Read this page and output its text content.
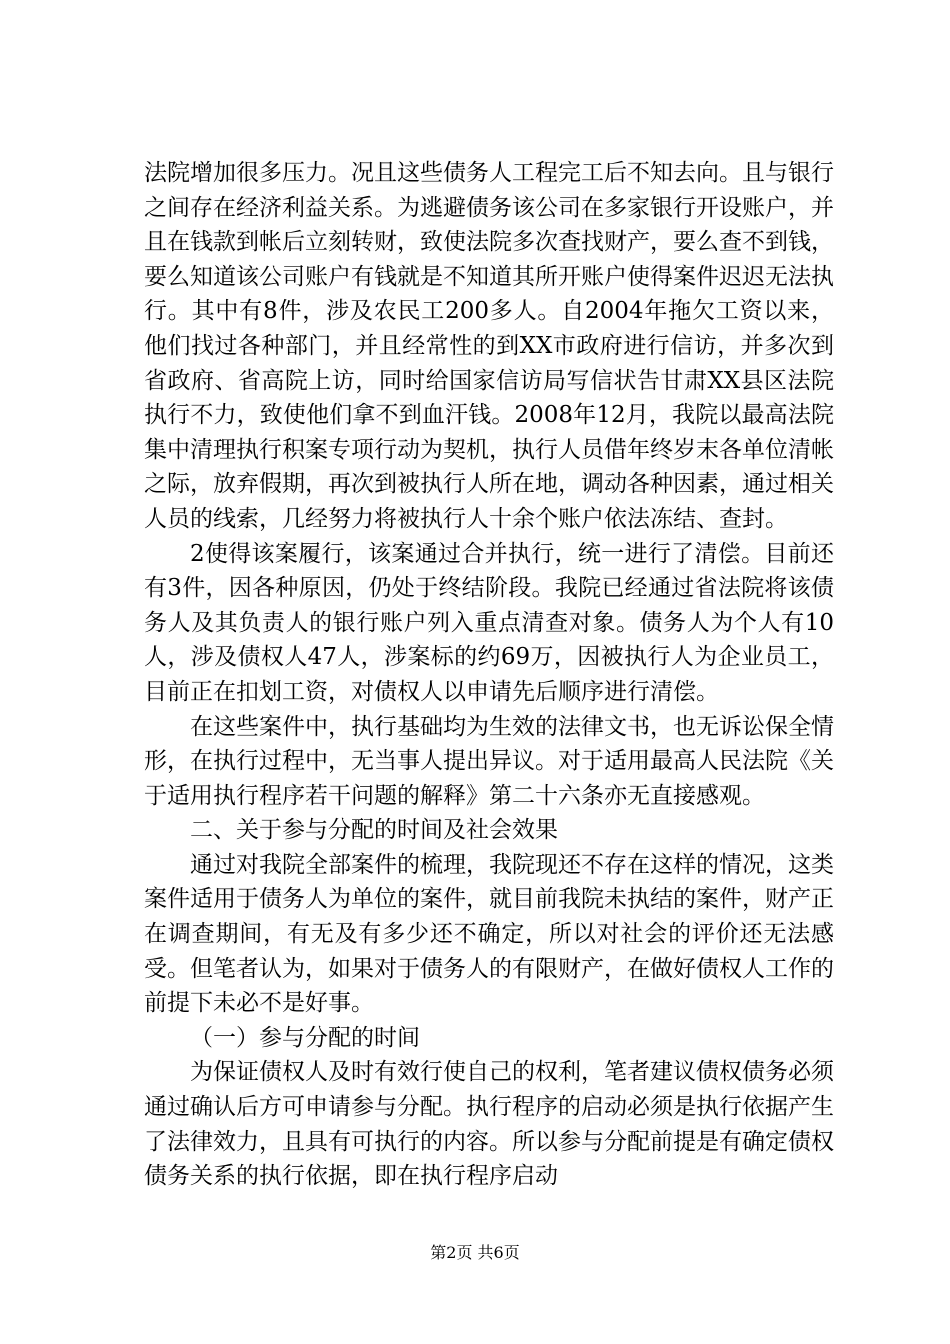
法院增加很多压力。况且这些债务人工程完工后不知去向。且与银行之间存在经济利益关系。为逃避债务该公司在多家银行开设账户，并且在钱款到帐后立刻转财，致使法院多次查找财产，要么查不到钱，要么知道该公司账户有钱就是不知道其所开账户使得案件迟迟无法执行。其中有8件，涉及农民工200多人。自2004年拖欠工资以来，他们找过各种部门，并且经常性的到XX市政府进行信访，并多次到省政府、省高院上访，同时给国家信访局写信状告甘肃XX县区法院执行不力，致使他们拿不到血汗钱。2008年12月，我院以最高法院集中清理执行积案专项行动为契机，执行人员借年终岁末各单位清帐之际，放弃假期，再次到被执行人所在地，调动各种因素，通过相关人员的线索，几经努力将被执行人十余个账户依法冻结、查封。

2使得该案履行，该案通过合并执行，统一进行了清偿。目前还有3件，因各种原因，仍处于终结阶段。我院已经通过省法院将该债务人及其负责人的银行账户列入重点清查对象。债务人为个人有10人，涉及债权人47人，涉案标的约69万，因被执行人为企业员工，目前正在扣划工资，对债权人以申请先后顺序进行清偿。

在这些案件中，执行基础均为生效的法律文书，也无诉讼保全情形，在执行过程中，无当事人提出异议。对于适用最高人民法院《关于适用执行程序若干问题的解释》第二十六条亦无直接感观。

二、关于参与分配的时间及社会效果

通过对我院全部案件的梳理，我院现还不存在这样的情况，这类案件适用于债务人为单位的案件，就目前我院未执结的案件，财产正在调查期间，有无及有多少还不确定，所以对社会的评价还无法感受。但笔者认为，如果对于债务人的有限财产，在做好债权人工作的前提下未必不是好事。

（一）参与分配的时间

为保证债权人及时有效行使自己的权利，笔者建议债权债务必须通过确认后方可申请参与分配。执行程序的启动必须是执行依据产生了法律效力，且具有可执行的内容。所以参与分配前提是有确定债权债务关系的执行依据，即在执行程序启动

第2页 共6页
